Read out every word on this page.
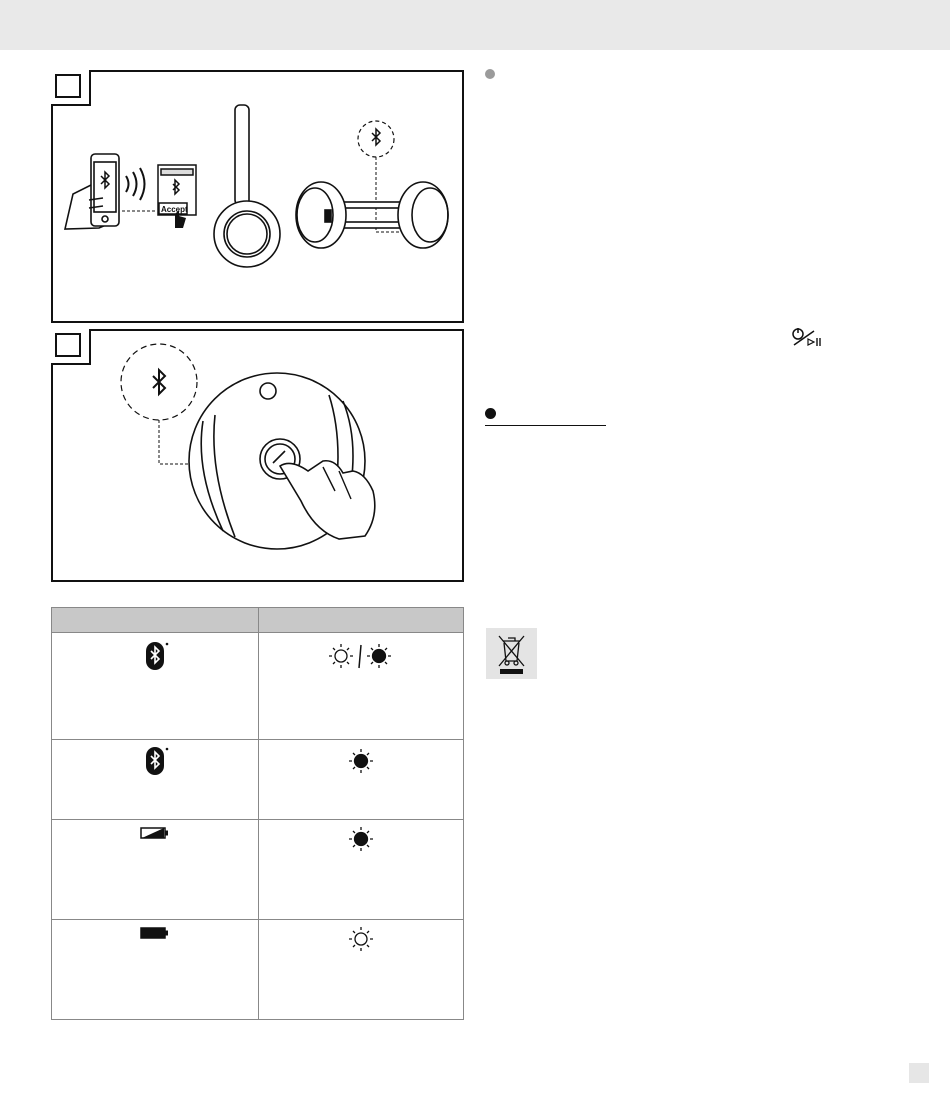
Accept
